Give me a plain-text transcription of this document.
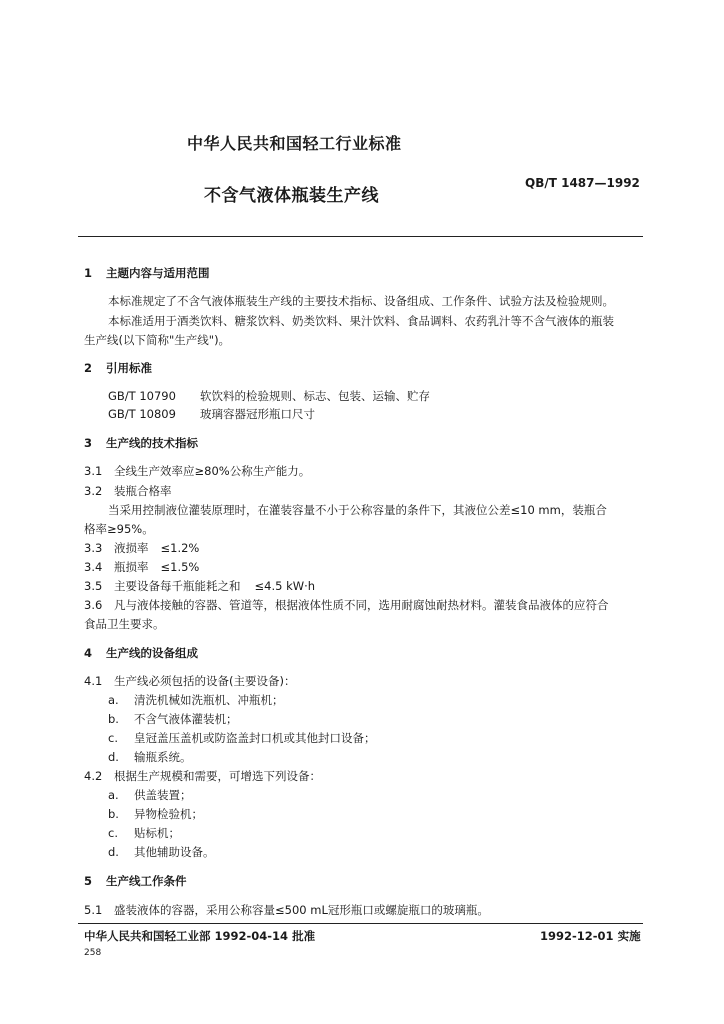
中华人民共和国轻工行业标准
QB/T 1487—1992
不含气液体瓶装生产线
1 主题内容与适用范围
本标准规定了不含气液体瓶装生产线的主要技术指标、设备组成、工作条件、试验方法及检验规则。
本标准适用于酒类饮料、糖浆饮料、奶类饮料、果汁饮料、食品调料、农药乳汁等不含气液体的瓶装
生产线(以下简称"生产线")。
2 引用标准
GB/T 10790 软饮料的检验规则、标志、包装、运输、贮存
GB/T 10809 玻璃容器冠形瓶口尺寸
3 生产线的技术指标
3.1 全线生产效率应≥80%公称生产能力。
3.2 装瓶合格率
当采用控制液位灌装原理时，在灌装容量不小于公称容量的条件下，其液位公差≤10 mm，装瓶合
格率≥95%。
3.3 液损率 ≤1.2%
3.4 瓶损率 ≤1.5%
3.5 主要设备每千瓶能耗之和 ≤4.5 kW·h
3.6 凡与液体接触的容器、管道等，根据液体性质不同，选用耐腐蚀耐热材料。灌装食品液体的应符合
食品卫生要求。
4 生产线的设备组成
4.1 生产线必须包括的设备(主要设备)：
a. 清洗机械如洗瓶机、冲瓶机；
b. 不含气液体灌装机；
c. 皇冠盖压盖机或防盗盖封口机或其他封口设备；
d. 输瓶系统。
4.2 根据生产规模和需要，可增选下列设备：
a. 供盖装置；
b. 异物检验机；
c. 贴标机；
d. 其他辅助设备。
5 生产线工作条件
5.1 盛装液体的容器，采用公称容量≤500 mL冠形瓶口或螺旋瓶口的玻璃瓶。
中华人民共和国轻工业部 1992-04-14 批准	1992-12-01 实施
258
